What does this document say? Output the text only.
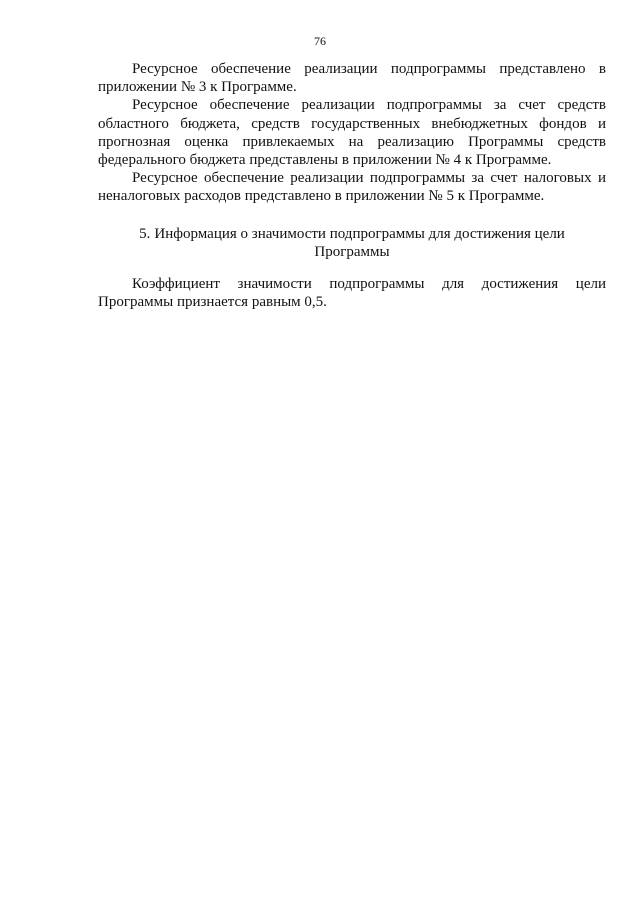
76

Ресурсное обеспечение реализации подпрограммы представлено в приложении № 3 к Программе.

Ресурсное обеспечение реализации подпрограммы за счет средств областного бюджета, средств государственных внебюджетных фондов и прогнозная оценка привлекаемых на реализацию Программы средств федерального бюджета представлены в приложении № 4 к Программе.

Ресурсное обеспечение реализации подпрограммы за счет налоговых и неналоговых расходов представлено в приложении № 5 к Программе.

5. Информация о значимости подпрограммы для достижения цели Программы

Коэффициент значимости подпрограммы для достижения цели Программы признается равным 0,5.
